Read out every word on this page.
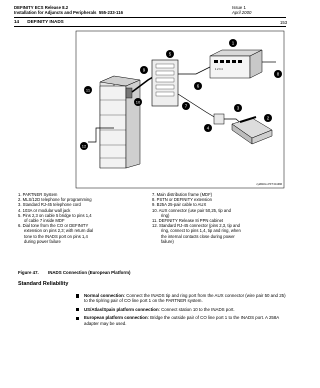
DEFINITY ECS Release 8.2
Installation for Adjuncts and Peripherals 555-233-116
Issue 1
April 2000
14 DEFINITY INADS	153
1 2 3 4
1
2
3
4
5
6
7
8
9
10
11
12
cyd82zlnu PFT 041996
1. PARTNER System
2. MLS/12D telephone for programming
3. Standard RJ-45 telephone cord
4. 103A or modular wall jack
5. Pins 2,3 on cable 5 bridge to pins 1,4
of cable 7 inside MDF
6. Dial tone from the CO or DEFINITY
extension on pins 2,3; with return dial
tone to the INADS port on pins 1,4
during power failure
7. Main distribution frame (MDF)
8. PSTN or DEFINITY extension
9. B25A 25-pair cable to AUX
10. AUX connector (use pair 50,25, tip and
ring)
11. DEFINITY Release 8i PPN cabinet
12. Standard RJ-45 connector (pins 2,3, tip and
ring, connect to pins 1,4, tip and ring, when
the internal contacts close during power
failure)
Figure 47. INADS Connection (European Platform)
Standard Reliability
Normal connection: Connect the INADS tip and ring port from the AUX connector (wire pair 50 and 25) to the tip/ring pair of CO line port 1 on the PARTNER system.
US/Atlas/Spain platform connection: Connect station 10 to the INADS port.
European platform connection: Bridge the outside pair of CO line port 1 to the INADS port. A 258A adapter may be used.
